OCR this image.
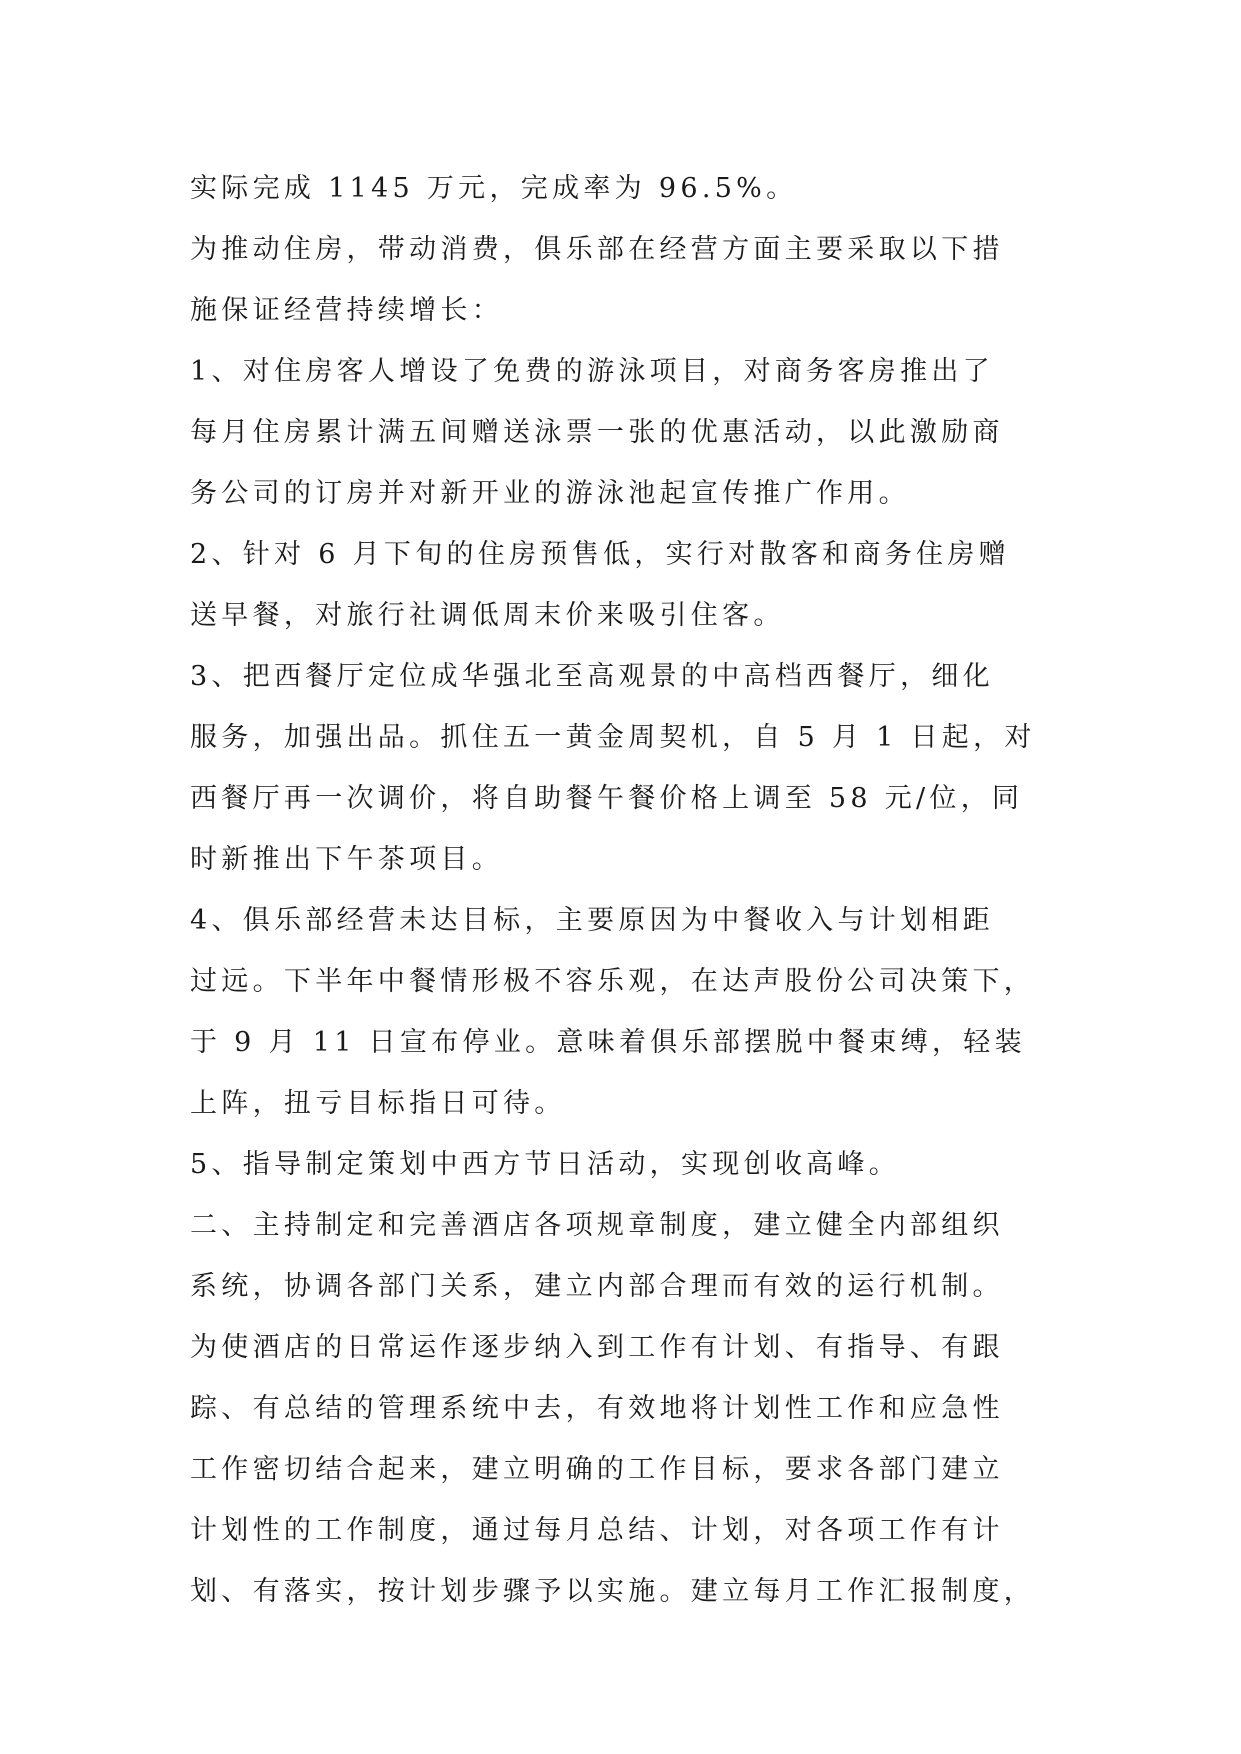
实际完成 1145 万元，完成率为 96.5%。
为推动住房，带动消费，俱乐部在经营方面主要采取以下措
施保证经营持续增长：
1、对住房客人增设了免费的游泳项目，对商务客房推出了
每月住房累计满五间赠送泳票一张的优惠活动，以此激励商
务公司的订房并对新开业的游泳池起宣传推广作用。
2、针对 6 月下旬的住房预售低，实行对散客和商务住房赠
送早餐，对旅行社调低周末价来吸引住客。
3、把西餐厅定位成华强北至高观景的中高档西餐厅，细化
服务，加强出品。抓住五一黄金周契机，自 5 月 1 日起，对
西餐厅再一次调价，将自助餐午餐价格上调至 58 元/位，同
时新推出下午茶项目。
4、俱乐部经营未达目标，主要原因为中餐收入与计划相距
过远。下半年中餐情形极不容乐观，在达声股份公司决策下，
于 9 月 11 日宣布停业。意味着俱乐部摆脱中餐束缚，轻装
上阵，扭亏目标指日可待。
5、指导制定策划中西方节日活动，实现创收高峰。
二、主持制定和完善酒店各项规章制度，建立健全内部组织
系统，协调各部门关系，建立内部合理而有效的运行机制。
为使酒店的日常运作逐步纳入到工作有计划、有指导、有跟
踪、有总结的管理系统中去，有效地将计划性工作和应急性
工作密切结合起来，建立明确的工作目标，要求各部门建立
计划性的工作制度，通过每月总结、计划，对各项工作有计
划、有落实，按计划步骤予以实施。建立每月工作汇报制度，
